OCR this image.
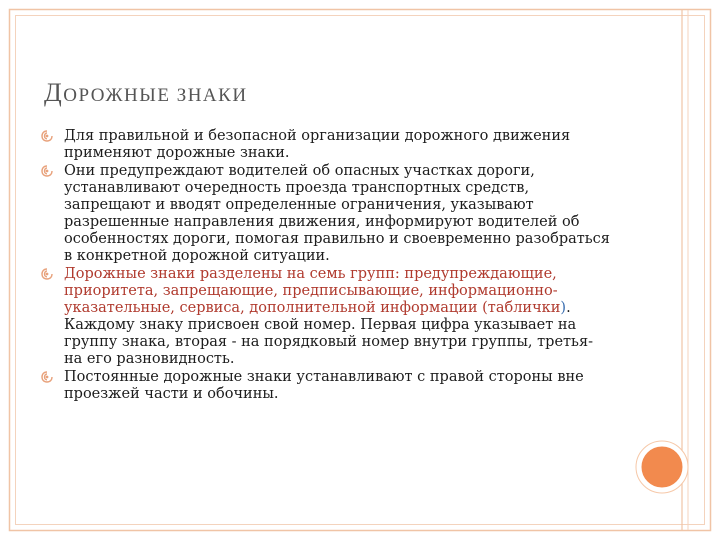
ДОРОЖНЫЕ ЗНАКИ
Для правильной и безопасной организации дорожного движения применяют дорожные знаки.
Они предупреждают водителей об опасных участках дороги, устанавливают очередность проезда транспортных средств, запрещают и вводят определенные ограничения, указывают разрешенные направления движения, информируют водителей об особенностях дороги, помогая правильно и своевременно разобраться в конкретной дорожной ситуации.
Дорожные знаки разделены на семь групп: предупреждающие, приоритета, запрещающие, предписывающие, информационно-указательные, сервиса, дополнительной информации (таблички). Каждому знаку присвоен свой номер. Первая цифра указывает на группу знака, вторая - на порядковый номер внутри группы, третья-на его разновидность.
Постоянные дорожные знаки устанавливают с правой стороны вне проезжей части и обочины.
